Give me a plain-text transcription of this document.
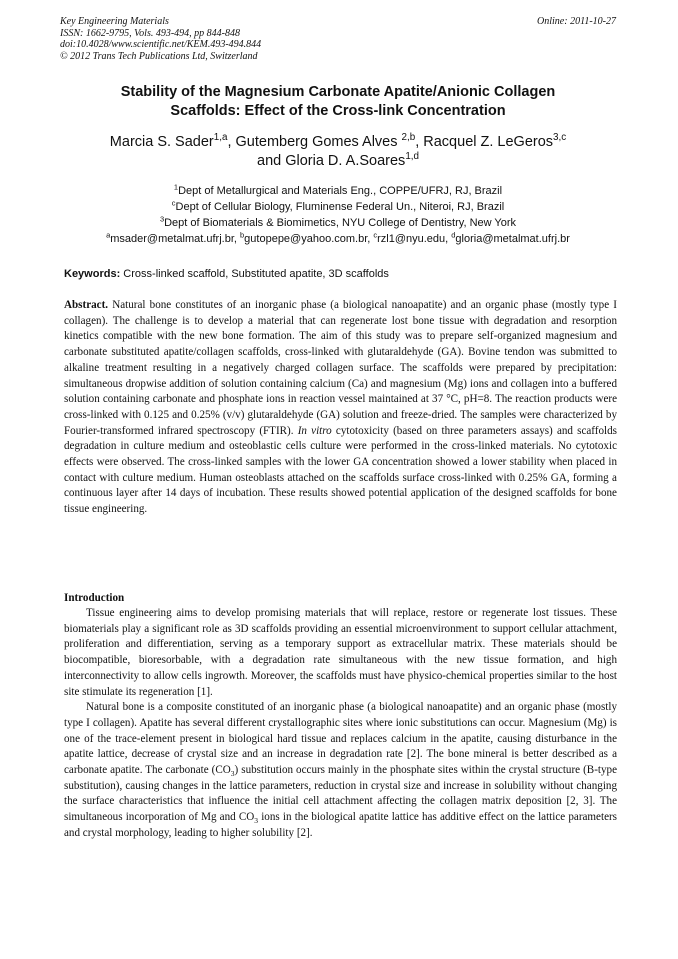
Key Engineering Materials
ISSN: 1662-9795, Vols. 493-494, pp 844-848
doi:10.4028/www.scientific.net/KEM.493-494.844
© 2012 Trans Tech Publications Ltd, Switzerland
Online: 2011-10-27
Stability of the Magnesium Carbonate Apatite/Anionic Collagen
Scaffolds: Effect of the Cross-link Concentration
Marcia S. Sader$^{1,a}$, Gutemberg Gomes Alves $^{2,b}$, Racquel Z. LeGeros$^{3,c}$
and Gloria D. A.Soares$^{1,d}$
$^1$Dept of Metallurgical and Materials Eng., COPPE/UFRJ, RJ, Brazil
$^c$Dept of Cellular Biology, Fluminense Federal Un., Niteroi, RJ, Brazil
$^3$Dept of Biomaterials & Biomimetics, NYU College of Dentistry, New York
$^a$msader@metalmat.ufrj.br, $^b$gutopepe@yahoo.com.br, $^c$rzl1@nyu.edu, $^d$gloria@metalmat.ufrj.br
Keywords: Cross-linked scaffold, Substituted apatite, 3D scaffolds
Abstract. Natural bone constitutes of an inorganic phase (a biological nanoapatite) and an organic phase (mostly type I collagen). The challenge is to develop a material that can regenerate lost bone tissue with degradation and resorption kinetics compatible with the new bone formation. The aim of this study was to prepare self-organized magnesium and carbonate substituted apatite/collagen scaffolds, cross-linked with glutaraldehyde (GA). Bovine tendon was submitted to alkaline treatment resulting in a negatively charged collagen surface. The scaffolds were prepared by precipitation: simultaneous dropwise addition of solution containing calcium (Ca) and magnesium (Mg) ions and collagen into a buffered solution containing carbonate and phosphate ions in reaction vessel maintained at 37 °C, pH=8. The reaction products were cross-linked with 0.125 and 0.25% (v/v) glutaraldehyde (GA) solution and freeze-dried. The samples were characterized by Fourier-transformed infrared spectroscopy (FTIR). In vitro cytotoxicity (based on three parameters assays) and scaffolds degradation in culture medium and osteoblastic cells culture were performed in the cross-linked materials. No cytotoxic effects were observed. The cross-linked samples with the lower GA concentration showed a lower stability when placed in contact with culture medium. Human osteoblasts attached on the scaffolds surface cross-linked with 0.25% GA, forming a continuous layer after 14 days of incubation. These results showed potential application of the designed scaffolds for bone tissue engineering.
Introduction

Tissue engineering aims to develop promising materials that will replace, restore or regenerate lost tissues. These biomaterials play a significant role as 3D scaffolds providing an essential microenvironment to support cellular attachment, proliferation and differentiation, serving as a temporary support as extracellular matrix. These materials should be biocompatible, bioresorbable, with a degradation rate simultaneous with the new tissue formation, and high interconnectivity to allow cells ingrowth. Moreover, the scaffolds must have physico-chemical properties similar to the host site stimulate its regeneration [1].

Natural bone is a composite constituted of an inorganic phase (a biological nanoapatite) and an organic phase (mostly type I collagen). Apatite has several different crystallographic sites where ionic substitutions can occur. Magnesium (Mg) is one of the trace-element present in biological hard tissue and replaces calcium in the apatite, causing disturbance in the apatite lattice, decrease of crystal size and an increase in degradation rate [2]. The bone mineral is better described as a carbonate apatite. The carbonate $(CO_3)$ substitution occurs mainly in the phosphate sites within the crystal structure (B-type substitution), causing changes in the lattice parameters, reduction in crystal size and increase in solubility without changing the surface characteristics that influence the initial cell attachment affecting the collagen matrix deposition [2, 3]. The simultaneous incorporation of Mg and $CO_3$ ions in the biological apatite lattice has additive effect on the lattice parameters and crystal morphology, leading to higher solubility [2].
